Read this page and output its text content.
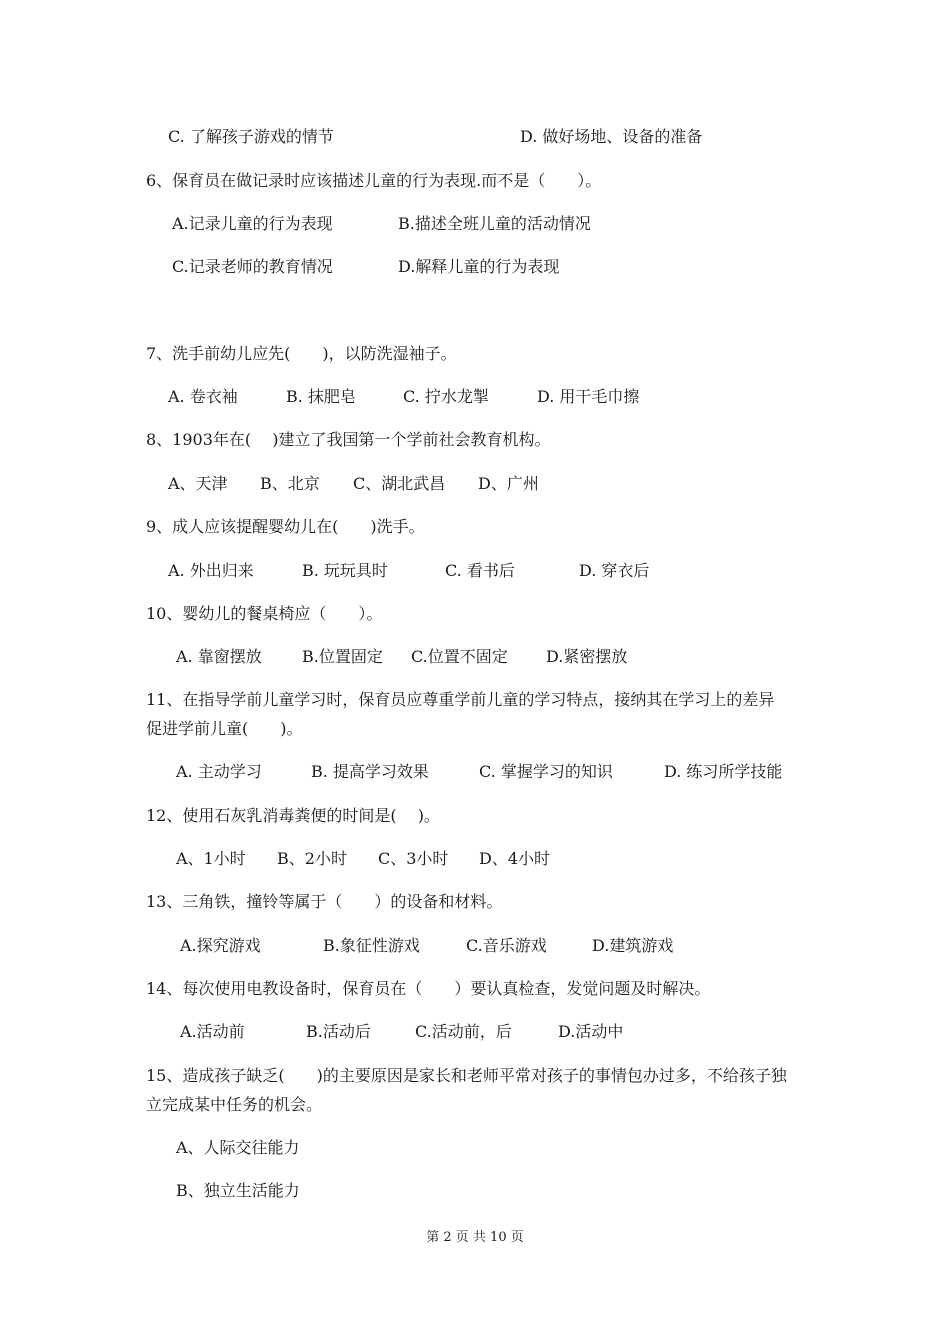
C. 了解孩子游戏的情节	D. 做好场地、设备的准备
6、保育员在做记录时应该描述儿童的行为表现.而不是（　　）。
A.记录儿童的行为表现	B.描述全班儿童的活动情况
C.记录老师的教育情况	D.解释儿童的行为表现
7、洗手前幼儿应先(　　)，以防洗湿袖子。
A. 卷衣袖	B. 抹肥皂	C. 拧水龙掣	D. 用干毛巾擦
8、1903年在(　 )建立了我国第一个学前社会教育机构。
A、天津 B、北京 C、湖北武昌 D、广州
9、成人应该提醒婴幼儿在(　　)洗手。
A. 外出归来	B. 玩玩具时	C. 看书后	D. 穿衣后
10、婴幼儿的餐桌椅应（　　）。
A. 靠窗摆放	B.位置固定 C.位置不固定 D.紧密摆放
11、在指导学前儿童学习时，保育员应尊重学前儿童的学习特点，接纳其在学习上的差异
促进学前儿童(　　)。
A. 主动学习	B. 提高学习效果	C. 掌握学习的知识	D. 练习所学技能
12、使用石灰乳消毒粪便的时间是(　 )。
A、1小时 B、2小时 C、3小时 D、4小时
13、三角铁，撞铃等属于（　　）的设备和材料。
A.探究游戏	B.象征性游戏	C.音乐游戏	D.建筑游戏
14、每次使用电教设备时，保育员在（　　）要认真检查，发觉问题及时解决。
A.活动前	B.活动后	C.活动前，后	D.活动中
15、造成孩子缺乏(　　)的主要原因是家长和老师平常对孩子的事情包办过多，不给孩子独
立完成某中任务的机会。
A、人际交往能力
B、独立生活能力
第 2 页 共 10 页
